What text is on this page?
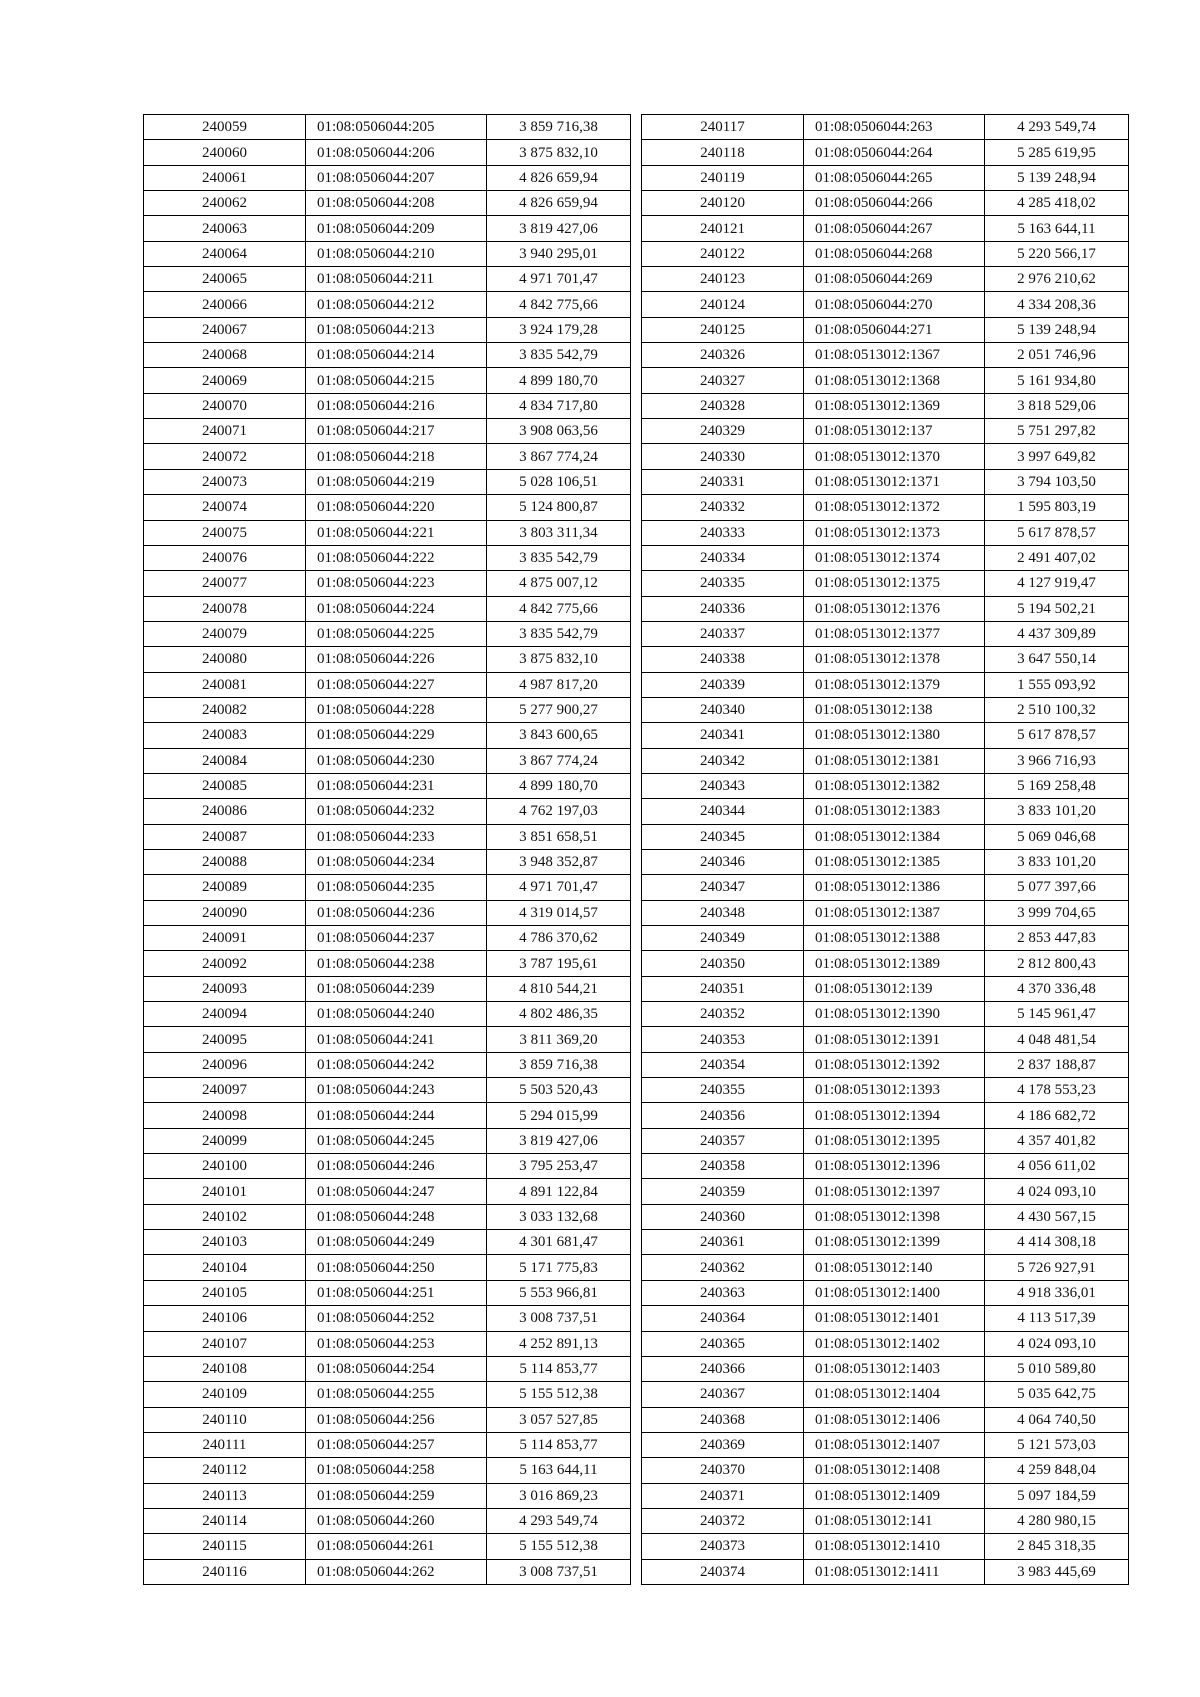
240059	01:08:0506044:205	3 859 716,38
240060	01:08:0506044:206	3 875 832,10
240061	01:08:0506044:207	4 826 659,94
240062	01:08:0506044:208	4 826 659,94
240063	01:08:0506044:209	3 819 427,06
240064	01:08:0506044:210	3 940 295,01
240065	01:08:0506044:211	4 971 701,47
240066	01:08:0506044:212	4 842 775,66
240067	01:08:0506044:213	3 924 179,28
240068	01:08:0506044:214	3 835 542,79
240069	01:08:0506044:215	4 899 180,70
240070	01:08:0506044:216	4 834 717,80
240071	01:08:0506044:217	3 908 063,56
240072	01:08:0506044:218	3 867 774,24
240073	01:08:0506044:219	5 028 106,51
240074	01:08:0506044:220	5 124 800,87
240075	01:08:0506044:221	3 803 311,34
240076	01:08:0506044:222	3 835 542,79
240077	01:08:0506044:223	4 875 007,12
240078	01:08:0506044:224	4 842 775,66
240079	01:08:0506044:225	3 835 542,79
240080	01:08:0506044:226	3 875 832,10
240081	01:08:0506044:227	4 987 817,20
240082	01:08:0506044:228	5 277 900,27
240083	01:08:0506044:229	3 843 600,65
240084	01:08:0506044:230	3 867 774,24
240085	01:08:0506044:231	4 899 180,70
240086	01:08:0506044:232	4 762 197,03
240087	01:08:0506044:233	3 851 658,51
240088	01:08:0506044:234	3 948 352,87
240089	01:08:0506044:235	4 971 701,47
240090	01:08:0506044:236	4 319 014,57
240091	01:08:0506044:237	4 786 370,62
240092	01:08:0506044:238	3 787 195,61
240093	01:08:0506044:239	4 810 544,21
240094	01:08:0506044:240	4 802 486,35
240095	01:08:0506044:241	3 811 369,20
240096	01:08:0506044:242	3 859 716,38
240097	01:08:0506044:243	5 503 520,43
240098	01:08:0506044:244	5 294 015,99
240099	01:08:0506044:245	3 819 427,06
240100	01:08:0506044:246	3 795 253,47
240101	01:08:0506044:247	4 891 122,84
240102	01:08:0506044:248	3 033 132,68
240103	01:08:0506044:249	4 301 681,47
240104	01:08:0506044:250	5 171 775,83
240105	01:08:0506044:251	5 553 966,81
240106	01:08:0506044:252	3 008 737,51
240107	01:08:0506044:253	4 252 891,13
240108	01:08:0506044:254	5 114 853,77
240109	01:08:0506044:255	5 155 512,38
240110	01:08:0506044:256	3 057 527,85
240111	01:08:0506044:257	5 114 853,77
240112	01:08:0506044:258	5 163 644,11
240113	01:08:0506044:259	3 016 869,23
240114	01:08:0506044:260	4 293 549,74
240115	01:08:0506044:261	5 155 512,38
240116	01:08:0506044:262	3 008 737,51
240117	01:08:0506044:263	4 293 549,74
240118	01:08:0506044:264	5 285 619,95
240119	01:08:0506044:265	5 139 248,94
240120	01:08:0506044:266	4 285 418,02
240121	01:08:0506044:267	5 163 644,11
240122	01:08:0506044:268	5 220 566,17
240123	01:08:0506044:269	2 976 210,62
240124	01:08:0506044:270	4 334 208,36
240125	01:08:0506044:271	5 139 248,94
240326	01:08:0513012:1367	2 051 746,96
240327	01:08:0513012:1368	5 161 934,80
240328	01:08:0513012:1369	3 818 529,06
240329	01:08:0513012:137	5 751 297,82
240330	01:08:0513012:1370	3 997 649,82
240331	01:08:0513012:1371	3 794 103,50
240332	01:08:0513012:1372	1 595 803,19
240333	01:08:0513012:1373	5 617 878,57
240334	01:08:0513012:1374	2 491 407,02
240335	01:08:0513012:1375	4 127 919,47
240336	01:08:0513012:1376	5 194 502,21
240337	01:08:0513012:1377	4 437 309,89
240338	01:08:0513012:1378	3 647 550,14
240339	01:08:0513012:1379	1 555 093,92
240340	01:08:0513012:138	2 510 100,32
240341	01:08:0513012:1380	5 617 878,57
240342	01:08:0513012:1381	3 966 716,93
240343	01:08:0513012:1382	5 169 258,48
240344	01:08:0513012:1383	3 833 101,20
240345	01:08:0513012:1384	5 069 046,68
240346	01:08:0513012:1385	3 833 101,20
240347	01:08:0513012:1386	5 077 397,66
240348	01:08:0513012:1387	3 999 704,65
240349	01:08:0513012:1388	2 853 447,83
240350	01:08:0513012:1389	2 812 800,43
240351	01:08:0513012:139	4 370 336,48
240352	01:08:0513012:1390	5 145 961,47
240353	01:08:0513012:1391	4 048 481,54
240354	01:08:0513012:1392	2 837 188,87
240355	01:08:0513012:1393	4 178 553,23
240356	01:08:0513012:1394	4 186 682,72
240357	01:08:0513012:1395	4 357 401,82
240358	01:08:0513012:1396	4 056 611,02
240359	01:08:0513012:1397	4 024 093,10
240360	01:08:0513012:1398	4 430 567,15
240361	01:08:0513012:1399	4 414 308,18
240362	01:08:0513012:140	5 726 927,91
240363	01:08:0513012:1400	4 918 336,01
240364	01:08:0513012:1401	4 113 517,39
240365	01:08:0513012:1402	4 024 093,10
240366	01:08:0513012:1403	5 010 589,80
240367	01:08:0513012:1404	5 035 642,75
240368	01:08:0513012:1406	4 064 740,50
240369	01:08:0513012:1407	5 121 573,03
240370	01:08:0513012:1408	4 259 848,04
240371	01:08:0513012:1409	5 097 184,59
240372	01:08:0513012:141	4 280 980,15
240373	01:08:0513012:1410	2 845 318,35
240374	01:08:0513012:1411	3 983 445,69
